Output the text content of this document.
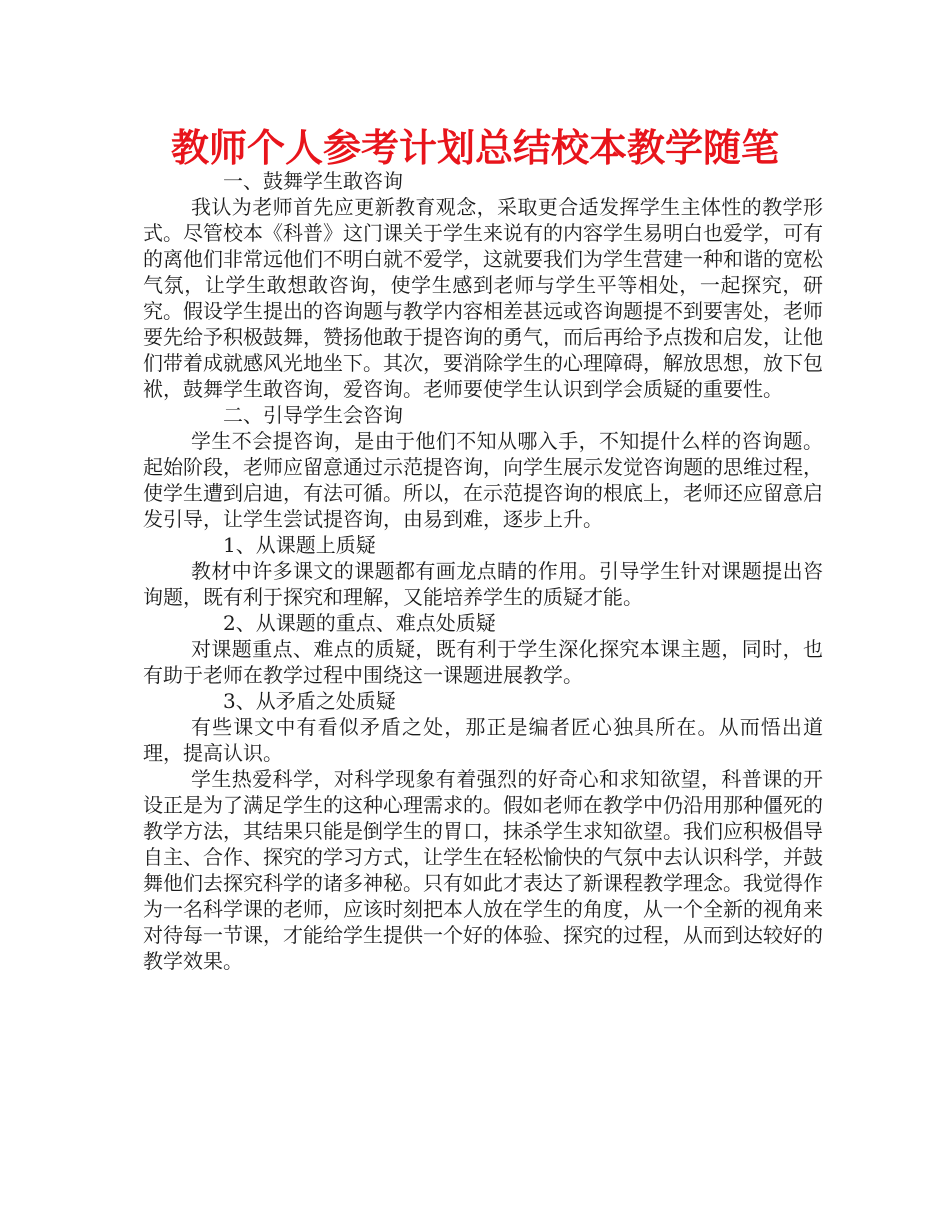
教师个人参考计划总结校本教学随笔

一、鼓舞学生敢咨询

我认为老师首先应更新教育观念，采取更合适发挥学生主体性的教学形式。尽管校本《科普》这门课关于学生来说有的内容学生易明白也爱学，可有的离他们非常远他们不明白就不爱学，这就要我们为学生营建一种和谐的宽松气氛，让学生敢想敢咨询，使学生感到老师与学生平等相处，一起探究，研究。假设学生提出的咨询题与教学内容相差甚远或咨询题提不到要害处，老师要先给予积极鼓舞，赞扬他敢于提咨询的勇气，而后再给予点拨和启发，让他们带着成就感风光地坐下。其次，要消除学生的心理障碍，解放思想，放下包袱，鼓舞学生敢咨询，爱咨询。老师要使学生认识到学会质疑的重要性。

二、引导学生会咨询

学生不会提咨询，是由于他们不知从哪入手，不知提什么样的咨询题。起始阶段，老师应留意通过示范提咨询，向学生展示发觉咨询题的思维过程，使学生遭到启迪，有法可循。所以，在示范提咨询的根底上，老师还应留意启发引导，让学生尝试提咨询，由易到难，逐步上升。

1、从课题上质疑

教材中许多课文的课题都有画龙点睛的作用。引导学生针对课题提出咨询题，既有利于探究和理解，又能培养学生的质疑才能。

2、从课题的重点、难点处质疑

对课题重点、难点的质疑，既有利于学生深化探究本课主题，同时，也有助于老师在教学过程中围绕这一课题进展教学。

3、从矛盾之处质疑

有些课文中有看似矛盾之处，那正是编者匠心独具所在。从而悟出道理，提高认识。

学生热爱科学，对科学现象有着强烈的好奇心和求知欲望，科普课的开设正是为了满足学生的这种心理需求的。假如老师在教学中仍沿用那种僵死的教学方法，其结果只能是倒学生的胃口，抹杀学生求知欲望。我们应积极倡导自主、合作、探究的学习方式，让学生在轻松愉快的气氛中去认识科学，并鼓舞他们去探究科学的诸多神秘。只有如此才表达了新课程教学理念。我觉得作为一名科学课的老师，应该时刻把本人放在学生的角度，从一个全新的视角来对待每一节课，才能给学生提供一个好的体验、探究的过程，从而到达较好的教学效果。
